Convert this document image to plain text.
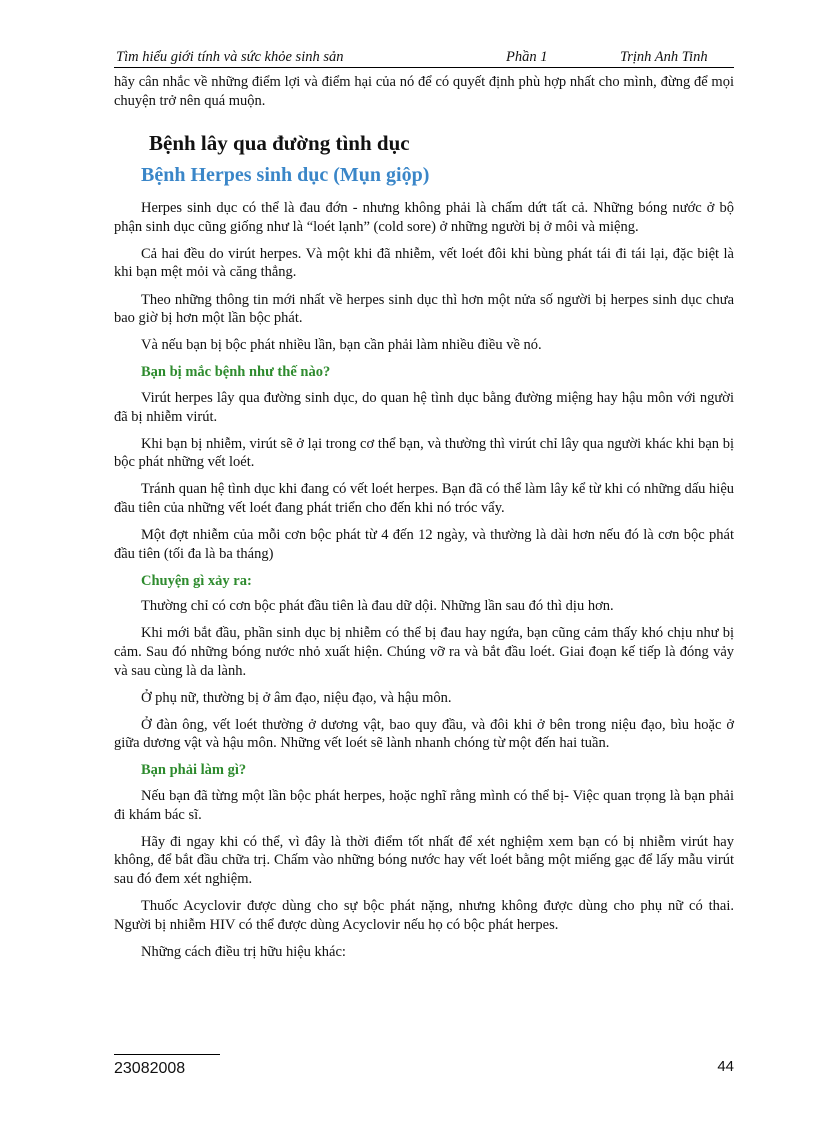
Tìm hiểu giới tính và sức khỏe sinh sản	Phần 1	Trịnh Anh Tinh

hãy cân nhắc về những điểm lợi và điểm hại của nó để có quyết định phù hợp nhất cho mình, đừng để mọi chuyện trở nên quá muộn.

Bệnh lây qua đường tình dục
Bệnh Herpes sinh dục (Mụn giộp)

Herpes sinh dục có thể là đau đớn - nhưng không phải là chấm dứt tất cả. Những bóng nước ở bộ phận sinh dục cũng giống như là “loét lạnh” (cold sore) ở những người bị ở môi và miệng.

Cả hai đều do virút herpes. Và một khi đã nhiễm, vết loét đôi khi bùng phát tái đi tái lại, đặc biệt là khi bạn mệt mỏi và căng thẳng.

Theo những thông tin mới nhất về herpes sinh dục thì hơn một nửa số người bị herpes sinh dục chưa bao giờ bị hơn một lần bộc phát.

Và nếu bạn bị bộc phát nhiều lần, bạn cần phải làm nhiều điều về nó.

Bạn bị mắc bệnh như thế nào?

Virút herpes lây qua đường sinh dục, do quan hệ tình dục bằng đường miệng hay hậu môn với người đã bị nhiễm virút.

Khi bạn bị nhiễm, virút sẽ ở lại trong cơ thể bạn, và thường thì virút chỉ lây qua người khác khi bạn bị bộc phát những vết loét.

Tránh quan hệ tình dục khi đang có vết loét herpes. Bạn đã có thể làm lây kể từ khi có những dấu hiệu đầu tiên của những vết loét đang phát triển cho đến khi nó tróc vẩy.

Một đợt nhiễm của mỗi cơn bộc phát từ 4 đến 12 ngày, và thường là dài hơn nếu đó là cơn bộc phát đầu tiên (tối đa là ba tháng)

Chuyện gì xảy ra:

Thường chỉ có cơn bộc phát đầu tiên là đau dữ dội. Những lần sau đó thì dịu hơn.

Khi mới bắt đầu, phần sinh dục bị nhiễm có thể bị đau hay ngứa, bạn cũng cảm thấy khó chịu như bị cảm. Sau đó những bóng nước nhỏ xuất hiện. Chúng vỡ ra và bắt đầu loét. Giai đoạn kế tiếp là đóng vảy và sau cùng là da lành.

Ở phụ nữ, thường bị ở âm đạo, niệu đạo, và hậu môn.

Ở đàn ông, vết loét thường ở dương vật, bao quy đầu, và đôi khi ở bên trong niệu đạo, bìu hoặc ở giữa dương vật và hậu môn. Những vết loét sẽ lành nhanh chóng từ một đến hai tuần.

Bạn phải làm gì?

Nếu bạn đã từng một lần bộc phát herpes, hoặc nghĩ rằng mình có thể bị- Việc quan trọng là bạn phải đi khám bác sĩ.

Hãy đi ngay khi có thể, vì đây là thời điểm tốt nhất để xét nghiệm xem bạn có bị nhiễm virút hay không, để bắt đầu chữa trị. Chấm vào những bóng nước hay vết loét bằng một miếng gạc để lấy mẫu virút sau đó đem xét nghiệm.

Thuốc Acyclovir được dùng cho sự bộc phát nặng, nhưng không được dùng cho phụ nữ có thai. Người bị nhiễm HIV có thể được dùng Acyclovir nếu họ có bộc phát herpes.

Những cách điều trị hữu hiệu khác:

23082008	44
